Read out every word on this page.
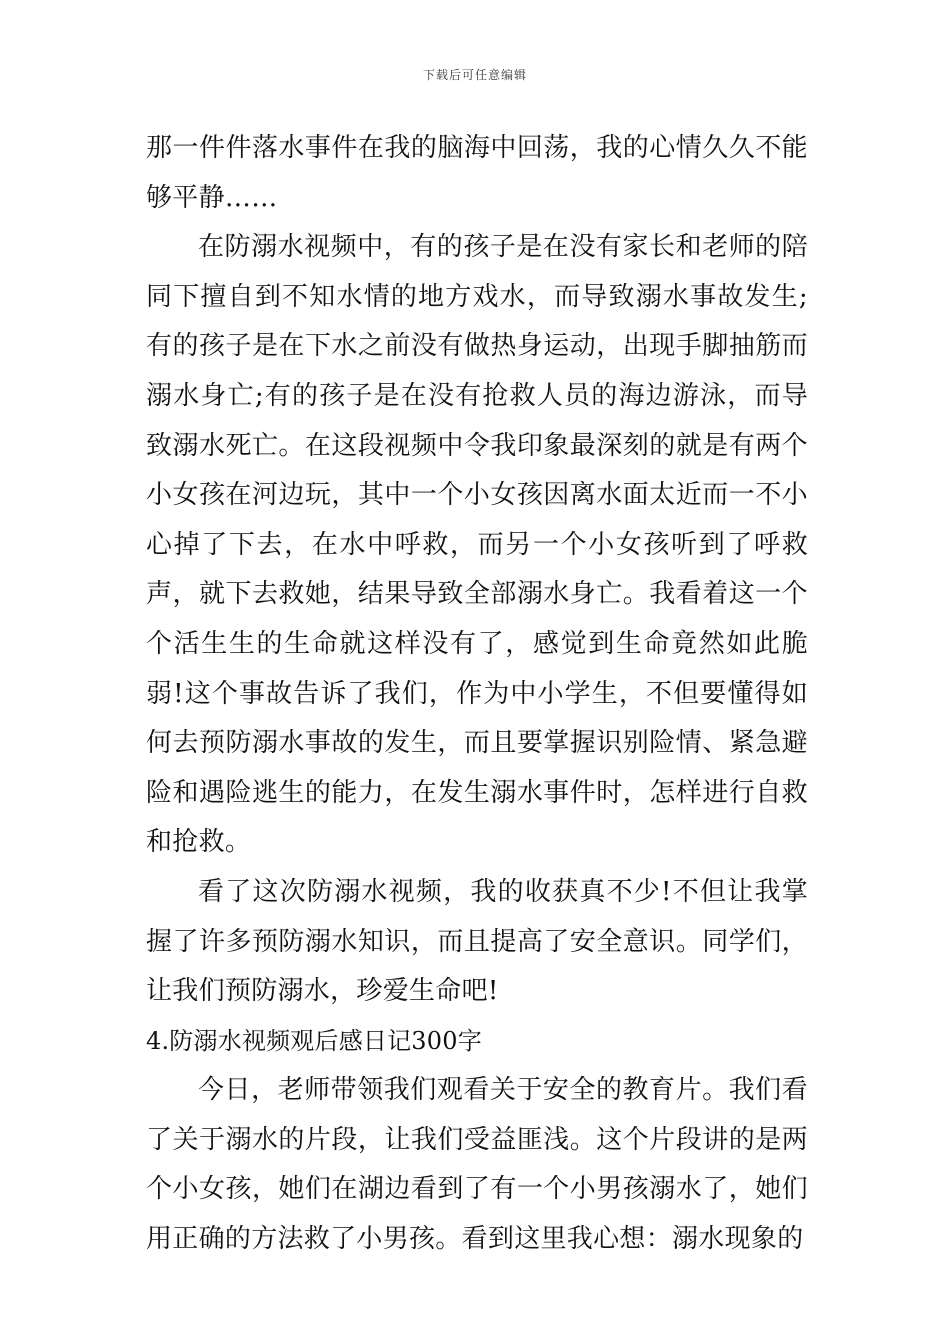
下载后可任意编辑

那一件件落水事件在我的脑海中回荡，我的心情久久不能够平静……

在防溺水视频中，有的孩子是在没有家长和老师的陪同下擅自到不知水情的地方戏水，而导致溺水事故发生;有的孩子是在下水之前没有做热身运动，出现手脚抽筋而溺水身亡;有的孩子是在没有抢救人员的海边游泳，而导致溺水死亡。在这段视频中令我印象最深刻的就是有两个小女孩在河边玩，其中一个小女孩因离水面太近而一不小心掉了下去，在水中呼救，而另一个小女孩听到了呼救声，就下去救她，结果导致全部溺水身亡。我看着这一个个活生生的生命就这样没有了，感觉到生命竟然如此脆弱!这个事故告诉了我们，作为中小学生，不但要懂得如何去预防溺水事故的发生，而且要掌握识别险情、紧急避险和遇险逃生的能力，在发生溺水事件时，怎样进行自救和抢救。

看了这次防溺水视频，我的收获真不少!不但让我掌握了许多预防溺水知识，而且提高了安全意识。同学们，让我们预防溺水，珍爱生命吧!

4.防溺水视频观后感日记300字

今日，老师带领我们观看关于安全的教育片。我们看了关于溺水的片段，让我们受益匪浅。这个片段讲的是两个小女孩，她们在湖边看到了有一个小男孩溺水了，她们用正确的方法救了小男孩。看到这里我心想：溺水现象的
